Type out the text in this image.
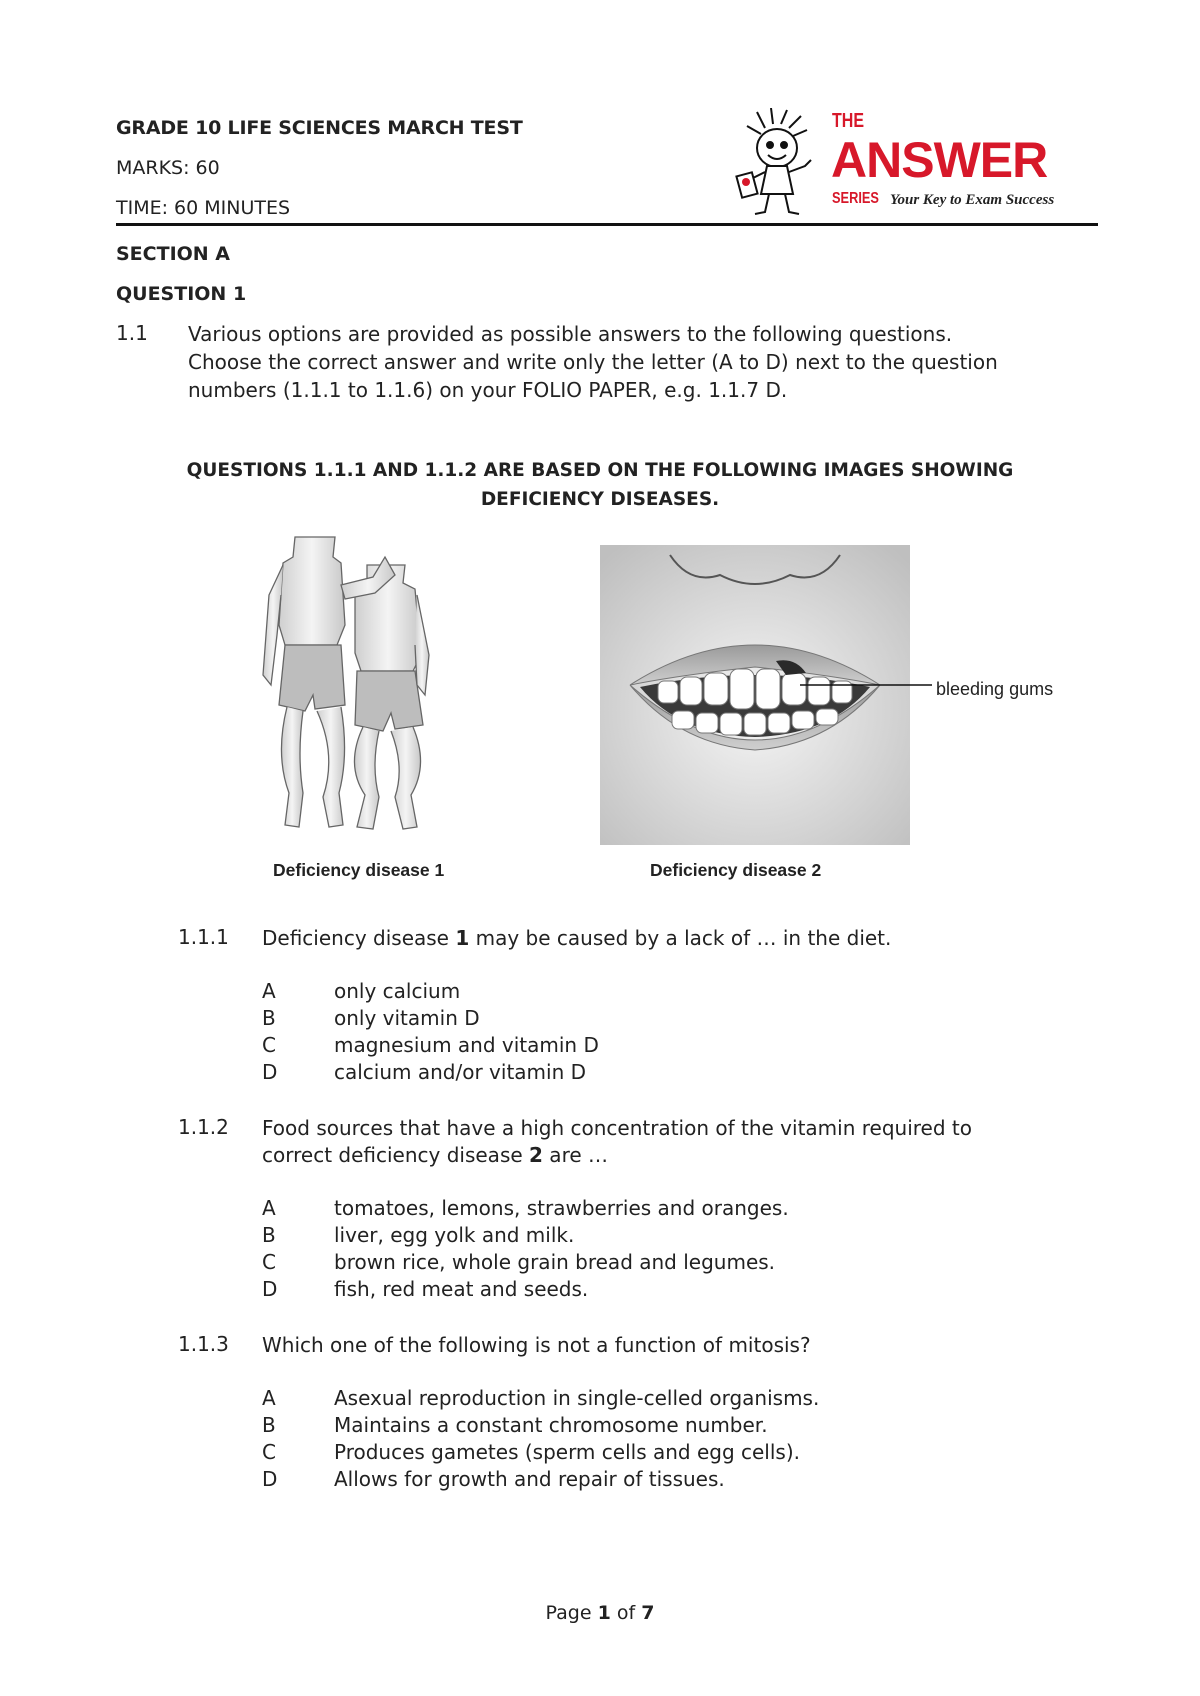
GRADE 10 LIFE SCIENCES MARCH TEST
MARKS: 60
TIME: 60 MINUTES
THE
ANSWER
SERIES Your Key to Exam Success
SECTION A
QUESTION 1
1.1 Various options are provided as possible answers to the following questions.
Choose the correct answer and write only the letter (A to D) next to the question
numbers (1.1.1 to 1.1.6) on your FOLIO PAPER, e.g. 1.1.7 D.
QUESTIONS 1.1.1 AND 1.1.2 ARE BASED ON THE FOLLOWING IMAGES SHOWING
DEFICIENCY DISEASES.
bleeding gums
Deficiency disease 1	Deficiency disease 2
1.1.1 Deficiency disease 1 may be caused by a lack of … in the diet.
A	only calcium
B	only vitamin D
C	magnesium and vitamin D
D	calcium and/or vitamin D
1.1.2 Food sources that have a high concentration of the vitamin required to
correct deficiency disease 2 are …
A	tomatoes, lemons, strawberries and oranges.
B	liver, egg yolk and milk.
C	brown rice, whole grain bread and legumes.
D	fish, red meat and seeds.
1.1.3 Which one of the following is not a function of mitosis?
A	Asexual reproduction in single-celled organisms.
B	Maintains a constant chromosome number.
C	Produces gametes (sperm cells and egg cells).
D	Allows for growth and repair of tissues.
Page 1 of 7
